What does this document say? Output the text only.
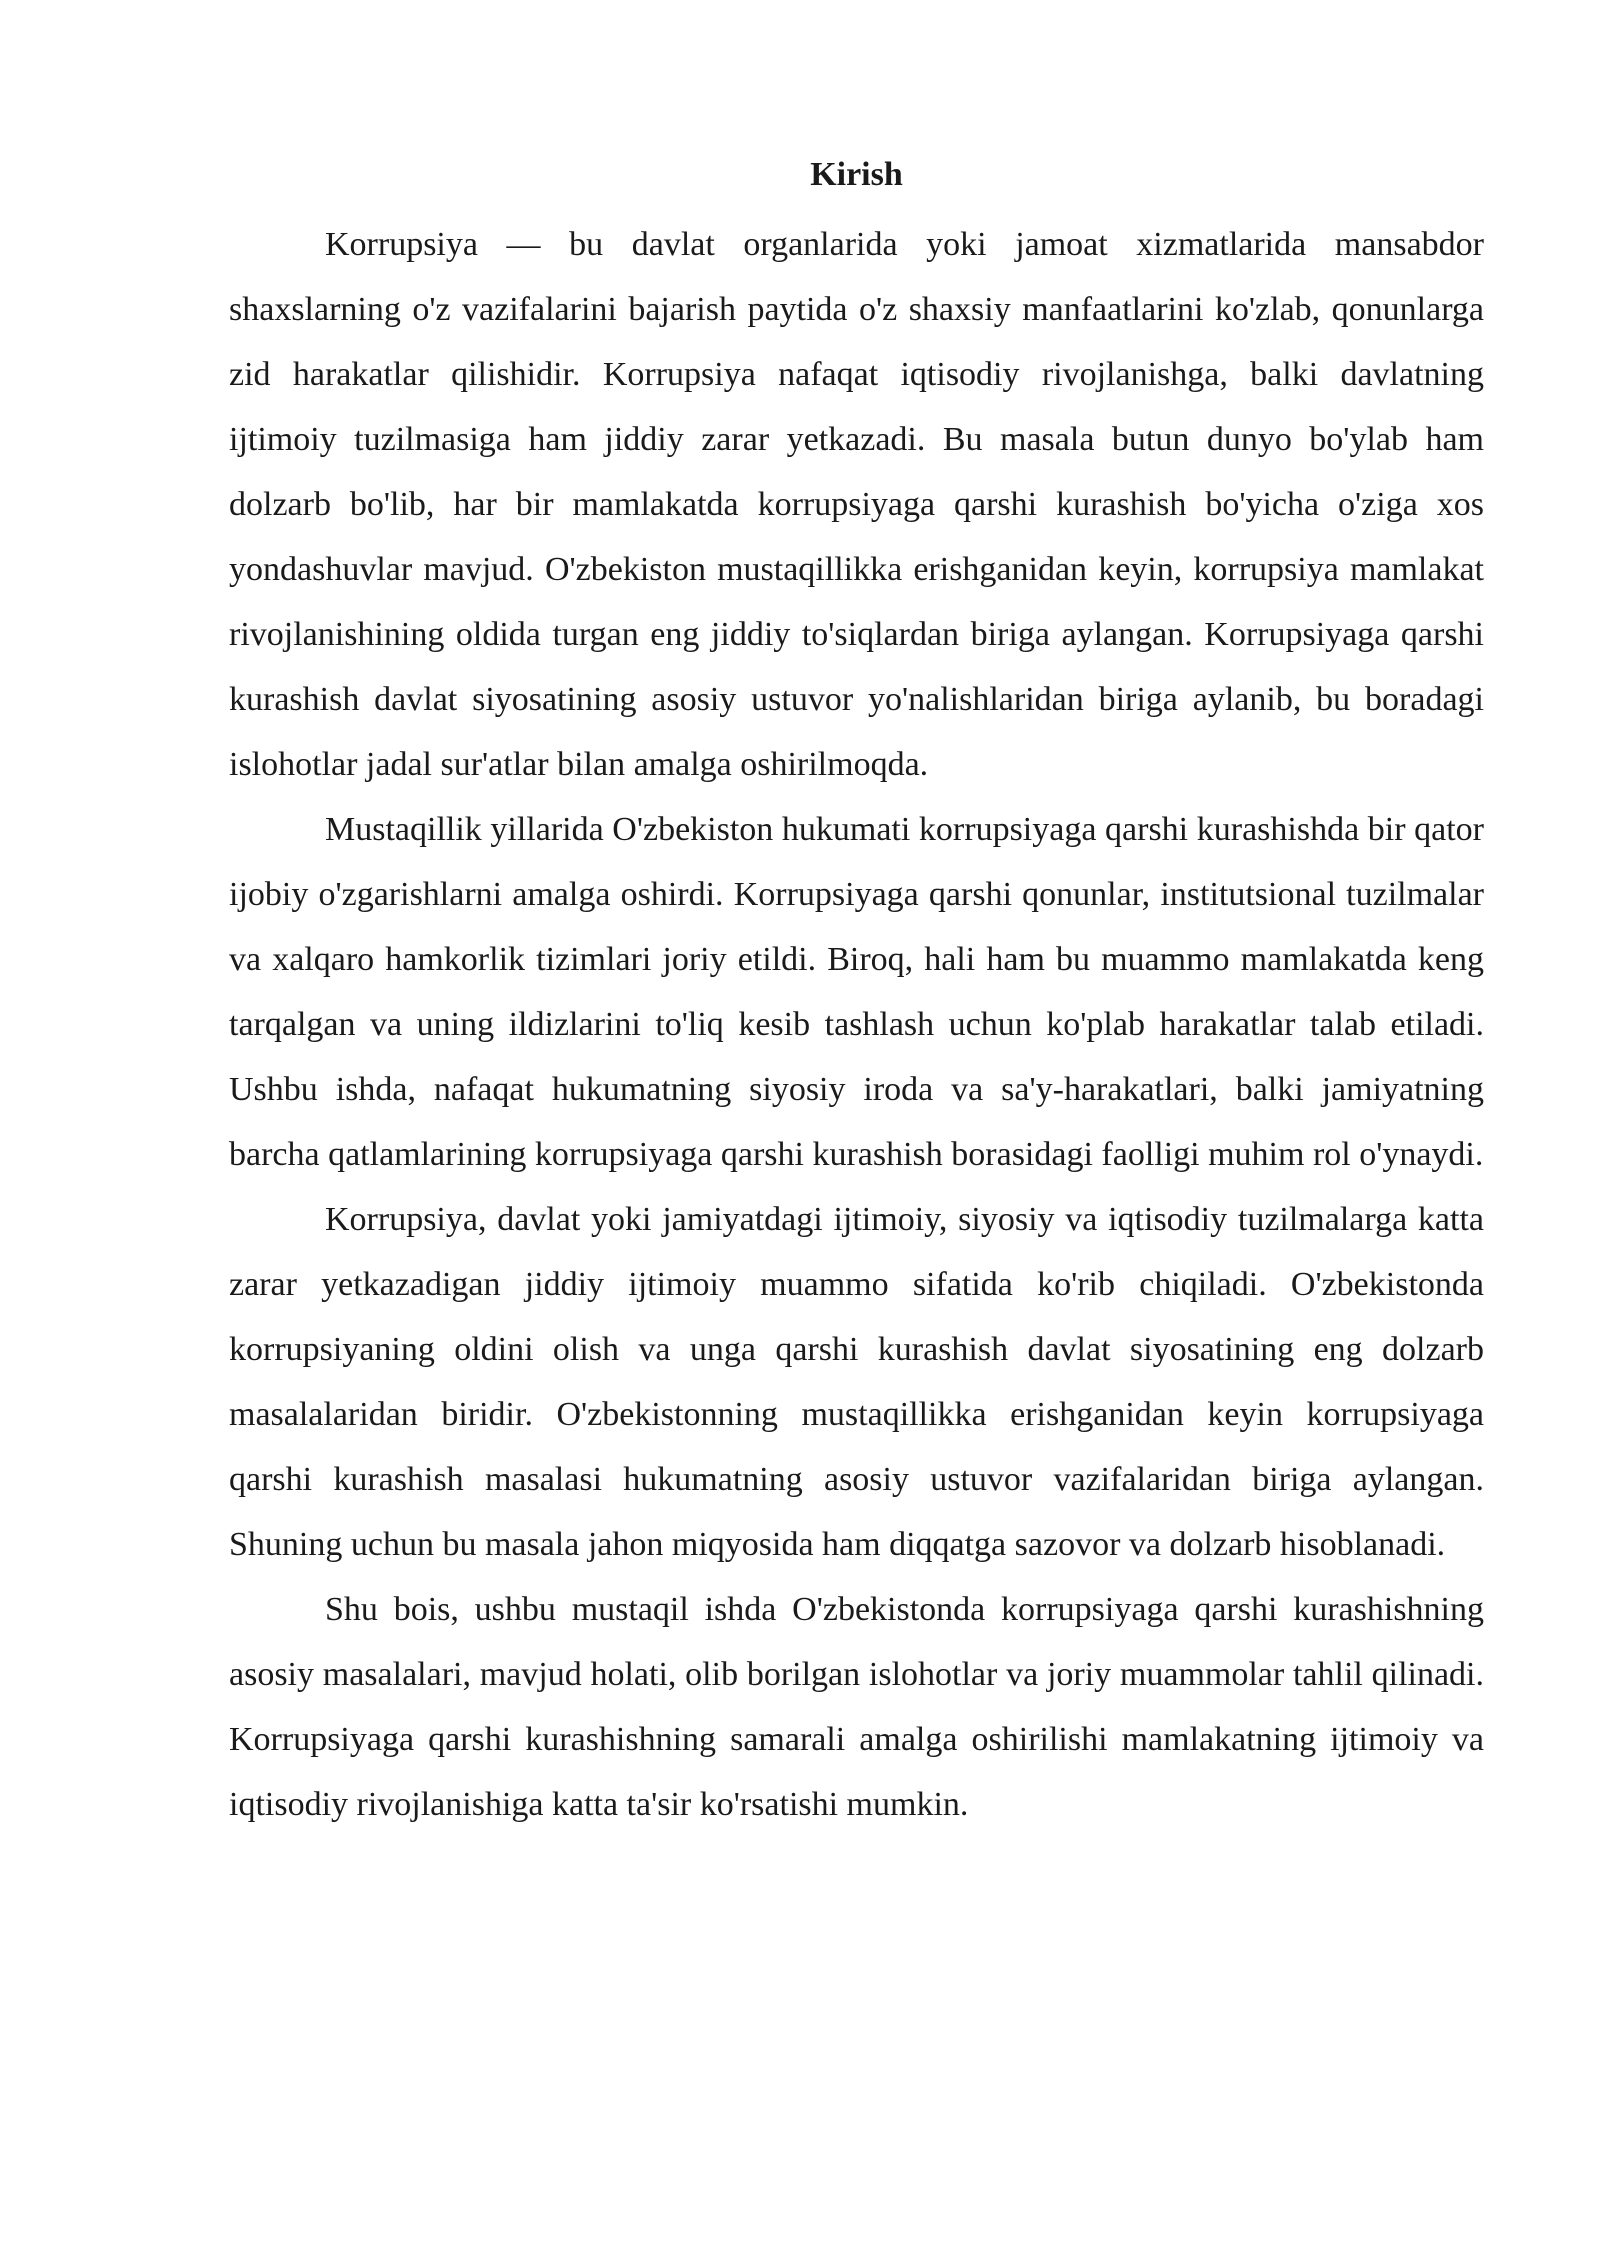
Kirish

Korrupsiya — bu davlat organlarida yoki jamoat xizmatlarida mansabdor shaxslarning o'z vazifalarini bajarish paytida o'z shaxsiy manfaatlarini ko'zlab, qonunlarga zid harakatlar qilishidir. Korrupsiya nafaqat iqtisodiy rivojlanishga, balki davlatning ijtimoiy tuzilmasiga ham jiddiy zarar yetkazadi. Bu masala butun dunyo bo'ylab ham dolzarb bo'lib, har bir mamlakatda korrupsiyaga qarshi kurashish bo'yicha o'ziga xos yondashuvlar mavjud. O'zbekiston mustaqillikka erishganidan keyin, korrupsiya mamlakat rivojlanishining oldida turgan eng jiddiy to'siqlardan biriga aylangan. Korrupsiyaga qarshi kurashish davlat siyosatining asosiy ustuvor yo'nalishlaridan biriga aylanib, bu boradagi islohotlar jadal sur'atlar bilan amalga oshirilmoqda.

Mustaqillik yillarida O'zbekiston hukumati korrupsiyaga qarshi kurashishda bir qator ijobiy o'zgarishlarni amalga oshirdi. Korrupsiyaga qarshi qonunlar, institutsional tuzilmalar va xalqaro hamkorlik tizimlari joriy etildi. Biroq, hali ham bu muammo mamlakatda keng tarqalgan va uning ildizlarini to'liq kesib tashlash uchun ko'plab harakatlar talab etiladi. Ushbu ishda, nafaqat hukumatning siyosiy iroda va sa'y-harakatlari, balki jamiyatning barcha qatlamlarining korrupsiyaga qarshi kurashish borasidagi faolligi muhim rol o'ynaydi.

Korrupsiya, davlat yoki jamiyatdagi ijtimoiy, siyosiy va iqtisodiy tuzilmalarga katta zarar yetkazadigan jiddiy ijtimoiy muammo sifatida ko'rib chiqiladi. O'zbekistonda korrupsiyaning oldini olish va unga qarshi kurashish davlat siyosatining eng dolzarb masalalaridan biridir. O'zbekistonning mustaqillikka erishganidan keyin korrupsiyaga qarshi kurashish masalasi hukumatning asosiy ustuvor vazifalaridan biriga aylangan. Shuning uchun bu masala jahon miqyosida ham diqqatga sazovor va dolzarb hisoblanadi.

Shu bois, ushbu mustaqil ishda O'zbekistonda korrupsiyaga qarshi kurashishning asosiy masalalari, mavjud holati, olib borilgan islohotlar va joriy muammolar tahlil qilinadi. Korrupsiyaga qarshi kurashishning samarali amalga oshirilishi mamlakatning ijtimoiy va iqtisodiy rivojlanishiga katta ta'sir ko'rsatishi mumkin.
